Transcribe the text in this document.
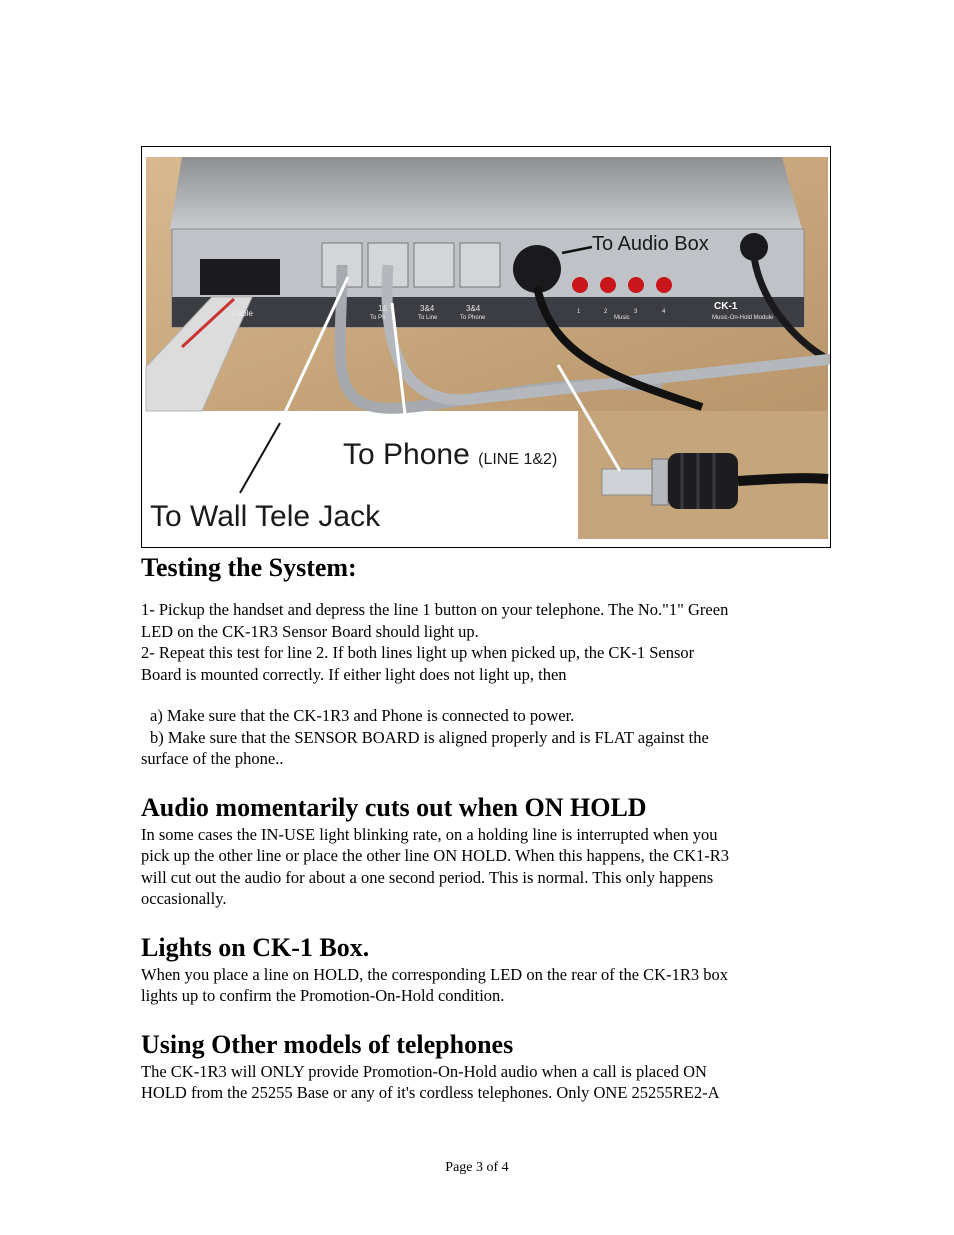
Cable
1&
To Ph
3&4
To Line
3&4
To Phone
1	2
Music
3	4	CK-1
Music-On-Hold Module
To Audio Box
To Phone (LINE 1&2)
To Wall Tele Jack
Testing the System:

1- Pickup the handset and depress the line 1 button on your telephone. The No."1" Green
LED on the CK-1R3 Sensor Board should light up.

2- Repeat this test for line 2. If both lines light up when picked up, the CK-1 Sensor
Board is mounted correctly. If either light does not light up, then

a) Make sure that the CK-1R3 and Phone is connected to power.

b) Make sure that the SENSOR BOARD is aligned properly and is FLAT against the
surface of the phone..

Audio momentarily cuts out when ON HOLD

In some cases the IN-USE light blinking rate, on a holding line is interrupted when you
pick up the other line or place the other line ON HOLD. When this happens, the CK1-R3
will cut out the audio for about a one second period. This is normal. This only happens
occasionally.

Lights on CK-1 Box.

When you place a line on HOLD, the corresponding LED on the rear of the CK-1R3 box
lights up to confirm the Promotion-On-Hold condition.

Using Other models of telephones

The CK-1R3 will ONLY provide Promotion-On-Hold audio when a call is placed ON
HOLD from the 25255 Base or any of it's cordless telephones. Only ONE 25255RE2-A

Page 3 of 4
